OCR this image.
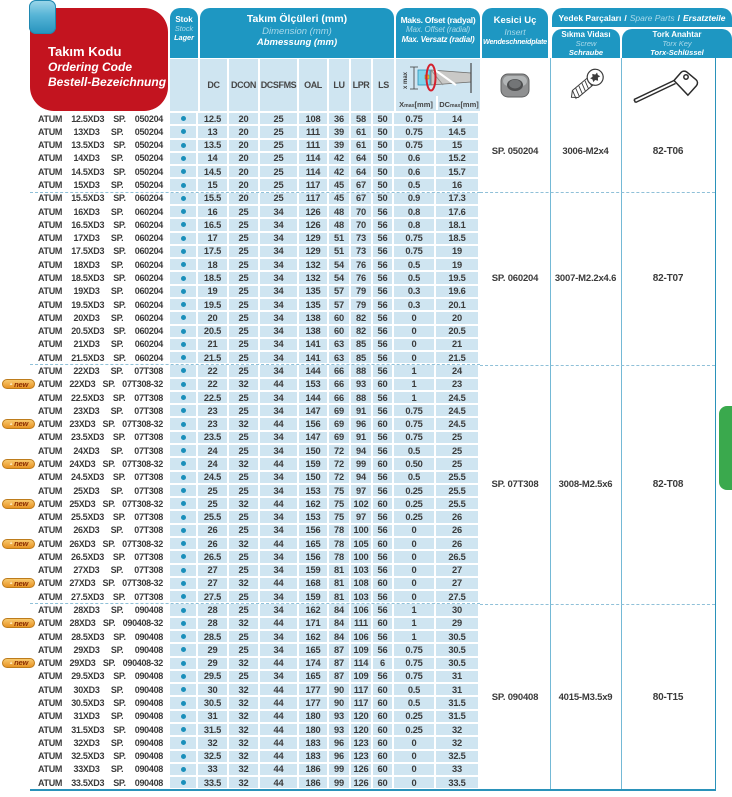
Takım Kodu
Ordering Code
Bestell-Bezeichnung
Stok
Stock
Lager
Takım Ölçüleri (mm)
Dimension (mm)
Abmessung (mm)
DC	DCON DCSFMS OAL	LU LPR LS
Maks. Ofset (radyal)
Max. Offset (radial)
Max. Versatz (radial)
x max
$X_{max}$ [mm] $DC_{max}$ [mm]
Kesici Uç
Insert
Wendeschneidplate
Yedek Parçaları / Spare Parts / Ersatzteile
Sıkma Vidası
Screw
Schraube
Tork Anahtar
Torx Key
Torx-Schlüssel
ATUM 12.5XD3 SP. 050204	12.5	20	25	108	36	58	50	0.75	14
ATUM 13XD3 SP. 050204	13	20	25	111	39	61	50	0.75	14.5
ATUM 13.5XD3 SP. 050204	13.5	20	25	111	39	61	50	0.75	15
ATUM 14XD3 SP. 050204	14	20	25	114	42	64	50	0.6	15.2
ATUM 14.5XD3 SP. 050204	14.5	20	25	114	42	64	50	0.6	15.7
ATUM 15XD3 SP. 050204	15	20	25	117	45	67	50	0.5	16
ATUM 15.5XD3 SP. 060204	15.5	20	25	117	45	67	50	0.9	17.3
ATUM 16XD3 SP. 060204	16	25	34	126	48	70	56	0.8	17.6
ATUM 16.5XD3 SP. 060204	16.5	25	34	126	48	70	56	0.8	18.1
ATUM 17XD3 SP. 060204	17	25	34	129	51	73	56	0.75	18.5
ATUM 17.5XD3 SP. 060204	17.5	25	34	129	51	73	56	0.75	19
ATUM 18XD3 SP. 060204	18	25	34	132	54	76	56	0.5	19
ATUM 18.5XD3 SP. 060204	18.5	25	34	132	54	76	56	0.5	19.5
ATUM 19XD3 SP. 060204	19	25	34	135	57	79	56	0.3	19.6
ATUM 19.5XD3 SP. 060204	19.5	25	34	135	57	79	56	0.3	20.1
ATUM 20XD3 SP. 060204	20	25	34	138	60	82	56	0	20
ATUM 20.5XD3 SP. 060204	20.5	25	34	138	60	82	56	0	20.5
ATUM 21XD3 SP. 060204	21	25	34	141	63	85	56	0	21
ATUM 21.5XD3 SP. 060204	21.5	25	34	141	63	85	56	0	21.5
ATUM 22XD3 SP. 07T308	22	25	34	144	66	88	56	1	24
▲ new ATUM 22XD3 SP. 07T308-32	22	32	44	153	66	93	60	1	23
ATUM 22.5XD3 SP. 07T308	22.5	25	34	144	66	88	56	1	24.5
ATUM 23XD3 SP. 07T308	23	25	34	147	69	91	56	0.75	24.5
▲ new ATUM 23XD3 SP. 07T308-32	23	32	44	156	69	96	60	0.75	24.5
ATUM 23.5XD3 SP. 07T308	23.5	25	34	147	69	91	56	0.75	25
ATUM 24XD3 SP. 07T308	24	25	34	150	72	94	56	0.5	25
▲ new ATUM 24XD3 SP. 07T308-32	24	32	44	159	72	99	60	0.50	25
ATUM 24.5XD3 SP. 07T308	24.5	25	34	150	72	94	56	0.5	25.5
ATUM 25XD3 SP. 07T308	25	25	34	153	75	97	56	0.25	25.5
▲ new ATUM 25XD3 SP. 07T308-32	25	32	44	162	75	102 60	0.25	25.5
ATUM 25.5XD3 SP. 07T308	25.5	25	34	153	75	97	56	0.25	26
ATUM 26XD3 SP. 07T308	26	25	34	156	78	100 56	0	26
▲ new ATUM 26XD3 SP. 07T308-32	26	32	44	165	78	105 60	0	26
ATUM 26.5XD3 SP. 07T308	26.5	25	34	156	78	100 56	0	26.5
ATUM 27XD3 SP. 07T308	27	25	34	159	81	103 56	0	27
▲ new ATUM 27XD3 SP. 07T308-32	27	32	44	168	81	108 60	0	27
ATUM 27.5XD3 SP. 07T308	27.5	25	34	159	81	103 56	0	27.5
ATUM 28XD3 SP. 090408	28	25	34	162	84	106 56	1	30
▲ new ATUM 28XD3 SP. 090408-32	28	32	44	171	84	111	60	1	29
ATUM 28.5XD3 SP. 090408	28.5	25	34	162	84	106 56	1	30.5
ATUM 29XD3 SP. 090408	29	25	34	165	87	109 56	0.75	30.5
▲ new ATUM 29XD3 SP. 090408-32	29	32	44	174	87	114	6	0.75	30.5
ATUM 29.5XD3 SP. 090408	29.5	25	34	165	87	109 56	0.75	31
ATUM 30XD3 SP. 090408	30	32	44	177	90	117	60	0.5	31
ATUM 30.5XD3 SP. 090408	30.5	32	44	177	90	117	60	0.5	31.5
ATUM 31XD3 SP. 090408	31	32	44	180	93	120 60	0.25	31.5
ATUM 31.5XD3 SP. 090408	31.5	32	44	180	93	120 60	0.25	32
ATUM 32XD3 SP. 090408	32	32	44	183	96	123 60	0	32
ATUM 32.5XD3 SP. 090408	32.5	32	44	183	96	123 60	0	32.5
ATUM 33XD3 SP. 090408	33	32	44	186	99	126 60	0	33
ATUM 33.5XD3 SP. 090408	33.5	32	44	186	99	126 60	0	33.5
SP. 050204	3006-M2x4	82-T06
SP. 060204	3007-M2.2x4.6	82-T07
SP. 07T308	3008-M2.5x6	82-T08
SP. 090408	4015-M3.5x9	80-T15
